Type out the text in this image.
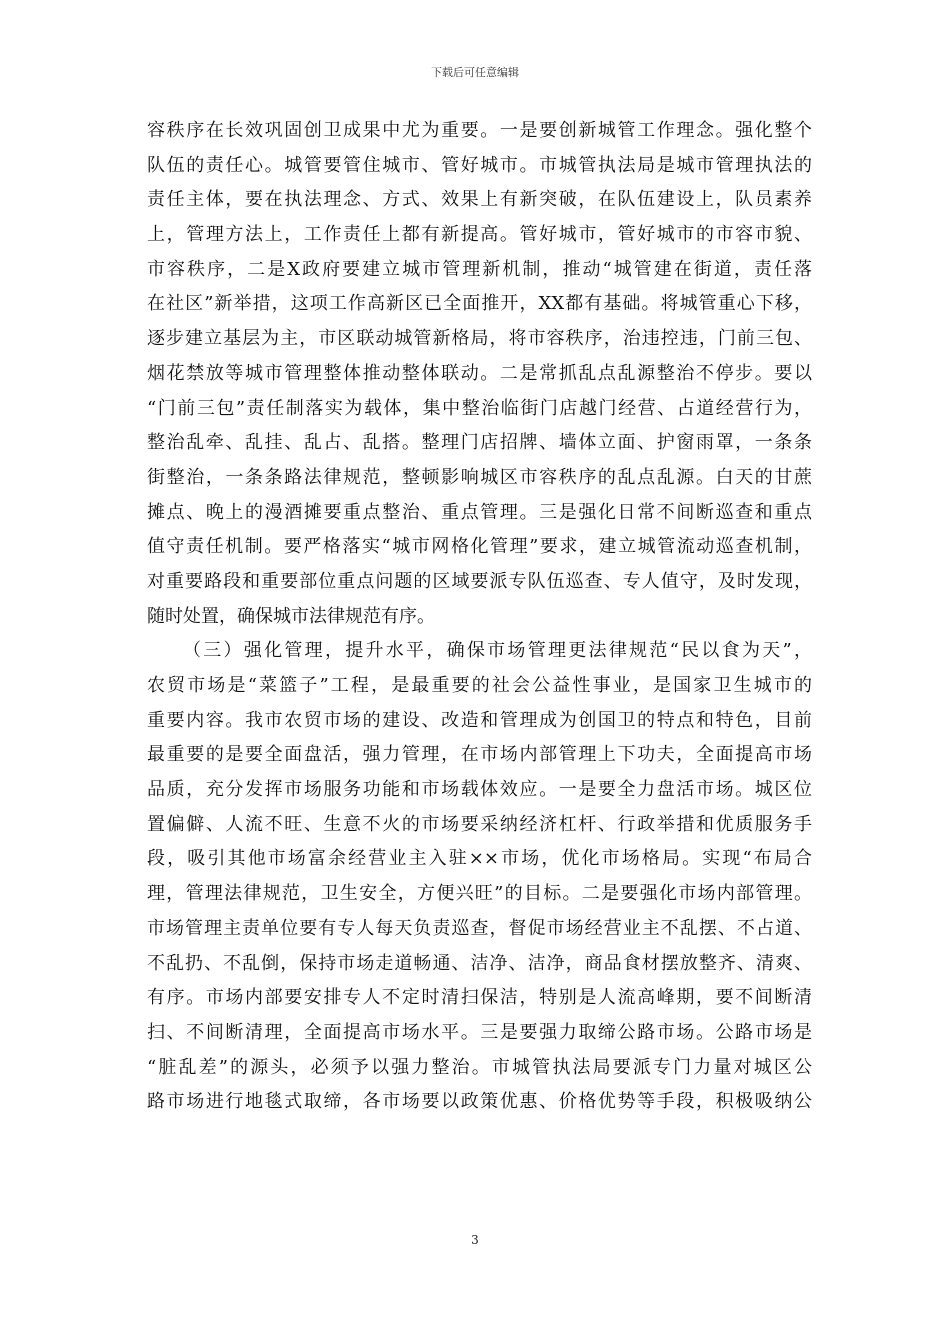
下载后可任意编辑
容秩序在长效巩固创卫成果中尤为重要。一是要创新城管工作理念。强化整个
队伍的责任心。城管要管住城市、管好城市。市城管执法局是城市管理执法的
责任主体，要在执法理念、方式、效果上有新突破，在队伍建设上，队员素养
上，管理方法上，工作责任上都有新提高。管好城市，管好城市的市容市貌、
市容秩序，二是X政府要建立城市管理新机制，推动“城管建在街道，责任落
在社区”新举措，这项工作高新区已全面推开，XX都有基础。将城管重心下移，
逐步建立基层为主，市区联动城管新格局，将市容秩序，治违控违，门前三包、
烟花禁放等城市管理整体推动整体联动。二是常抓乱点乱源整治不停步。要以
“门前三包”责任制落实为载体，集中整治临街门店越门经营、占道经营行为，
整治乱牵、乱挂、乱占、乱搭。整理门店招牌、墙体立面、护窗雨罩，一条条
街整治，一条条路法律规范，整顿影响城区市容秩序的乱点乱源。白天的甘蔗
摊点、晚上的漫酒摊要重点整治、重点管理。三是强化日常不间断巡查和重点
值守责任机制。要严格落实“城市网格化管理”要求，建立城管流动巡查机制，
对重要路段和重要部位重点问题的区域要派专队伍巡查、专人值守，及时发现，
随时处置，确保城市法律规范有序。
（三）强化管理，提升水平，确保市场管理更法律规范“民以食为天”，
农贸市场是“菜篮子”工程，是最重要的社会公益性事业，是国家卫生城市的
重要内容。我市农贸市场的建设、改造和管理成为创国卫的特点和特色，目前
最重要的是要全面盘活，强力管理，在市场内部管理上下功夫，全面提高市场
品质，充分发挥市场服务功能和市场载体效应。一是要全力盘活市场。城区位
置偏僻、人流不旺、生意不火的市场要采纳经济杠杆、行政举措和优质服务手
段，吸引其他市场富余经营业主入驻××市场，优化市场格局。实现“布局合
理，管理法律规范，卫生安全，方便兴旺”的目标。二是要强化市场内部管理。
市场管理主责单位要有专人每天负责巡查，督促市场经营业主不乱摆、不占道、
不乱扔、不乱倒，保持市场走道畅通、洁净、洁净，商品食材摆放整齐、清爽、
有序。市场内部要安排专人不定时清扫保洁，特别是人流高峰期，要不间断清
扫、不间断清理，全面提高市场水平。三是要强力取缔公路市场。公路市场是
“脏乱差”的源头，必须予以强力整治。市城管执法局要派专门力量对城区公
路市场进行地毯式取缔，各市场要以政策优惠、价格优势等手段，积极吸纳公
3
